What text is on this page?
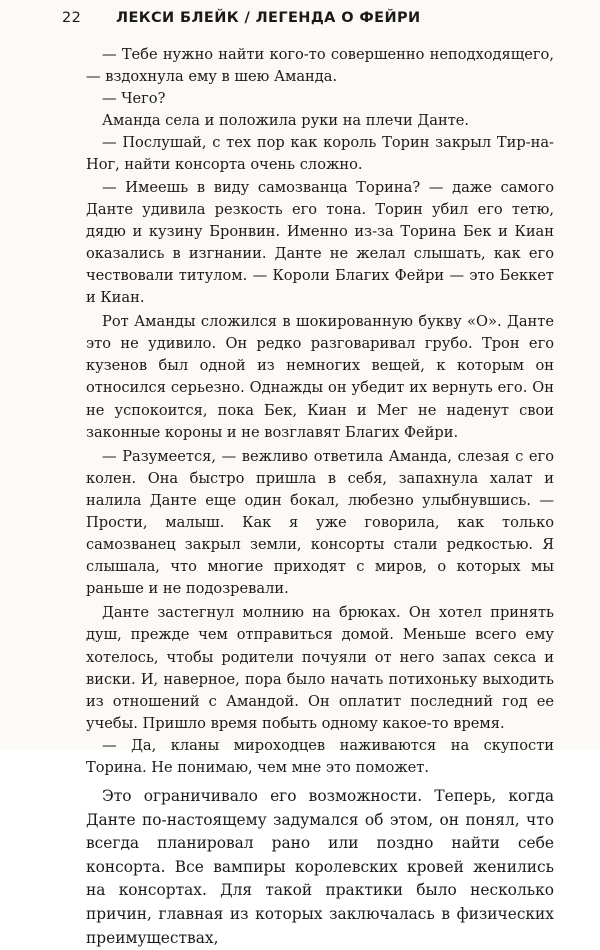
22 ЛЕКСИ БЛЕЙК / ЛЕГЕНДА О ФЕЙРИ

— Тебе нужно найти кого-то совершенно неподходящего, — вздохнула ему в шею Аманда.

— Чего?

Аманда села и положила руки на плечи Данте.

— Послушай, с тех пор как король Торин закрыл Тир-на-Ног, найти консорта очень сложно.

— Имеешь в виду самозванца Торина? — даже самого Данте удивила резкость его тона. Торин убил его тетю, дядю и кузину Бронвин. Именно из-за Торина Бек и Киан оказались в изгнании. Данте не желал слышать, как его чествовали титулом. — Короли Благих Фейри — это Беккет и Киан.

Рот Аманды сложился в шокированную букву «О». Данте это не удивило. Он редко разговаривал грубо. Трон его кузенов был одной из немногих вещей, к которым он относился серьезно. Однажды он убедит их вернуть его. Он не успокоится, пока Бек, Киан и Мег не наденут свои законные короны и не возглавят Благих Фейри.

— Разумеется, — вежливо ответила Аманда, слезая с его колен. Она быстро пришла в себя, запахнула халат и налила Данте еще один бокал, любезно улыбнувшись. — Прости, малыш. Как я уже говорила, как только самозванец закрыл земли, консорты стали редкостью. Я слышала, что многие приходят с миров, о которых мы раньше и не подозревали.

Данте застегнул молнию на брюках. Он хотел принять душ, прежде чем отправиться домой. Меньше всего ему хотелось, чтобы родители почуяли от него запах секса и виски. И, наверное, пора было начать потихоньку выходить из отношений с Амандой. Он оплатит последний год ее учебы. Пришло время побыть одному какое-то время.

— Да, кланы мироходцев наживаются на скупости Торина. Не понимаю, чем мне это поможет.

Это ограничивало его возможности. Теперь, когда Данте по-настоящему задумался об этом, он понял, что всегда планировал рано или поздно найти себе консорта. Все вампиры королевских кровей женились на консортах. Для такой практики было несколько причин, главная из которых заключалась в физических преимуществах,
